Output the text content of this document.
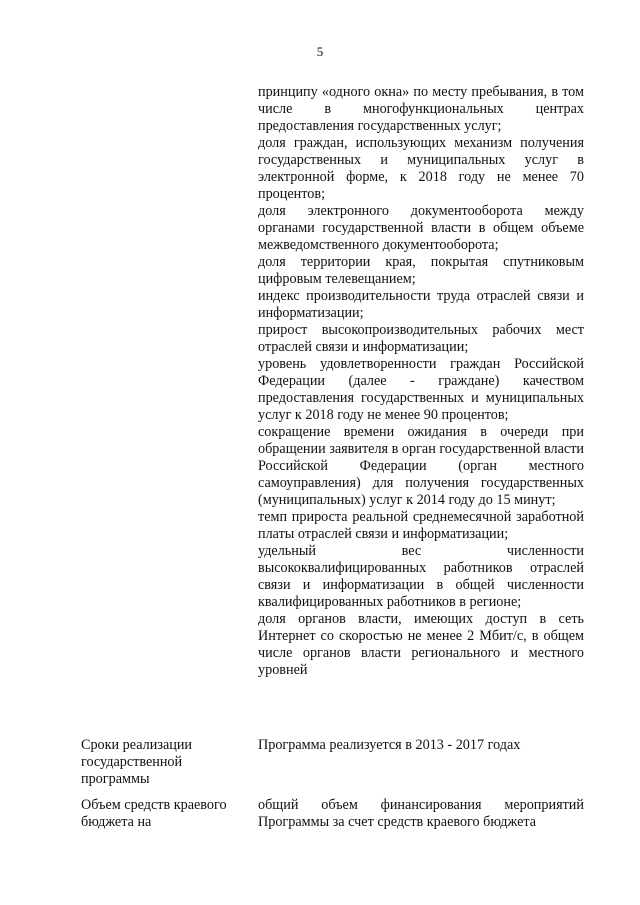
5

принципу «одного окна» по месту пребывания, в том числе в многофункциональных центрах предоставления государственных услуг;

доля граждан, использующих механизм получения государственных и муниципальных услуг в электронной форме, к 2018 году не менее 70 процентов;

доля электронного документооборота между органами государственной власти в общем объеме межведомственного документооборота;

доля территории края, покрытая спутниковым цифровым телевещанием;

индекс производительности труда отраслей связи и информатизации;

прирост высокопроизводительных рабочих мест отраслей связи и информатизации;

уровень удовлетворенности граждан Российской Федерации (далее - граждане) качеством предоставления государственных и муниципальных услуг к 2018 году не менее 90 процентов;

сокращение времени ожидания в очереди при обращении заявителя в орган государственной власти Российской Федерации (орган местного самоуправления) для получения государственных (муниципальных) услуг к 2014 году до 15 минут;

темп прироста реальной среднемесячной заработной платы отраслей связи и информатизации;

удельный вес численности высококвалифицированных работников отраслей связи и информатизации в общей численности квалифицированных работников в регионе;

доля органов власти, имеющих доступ в сеть Интернет со скоростью не менее 2 Мбит/с, в общем числе органов власти регионального и местного уровней

Сроки реализации государственной программы
Программа реализуется в 2013 - 2017 годах
Объем средств краевого бюджета на
общий объем финансирования мероприятий Программы за счет средств краевого бюджета
